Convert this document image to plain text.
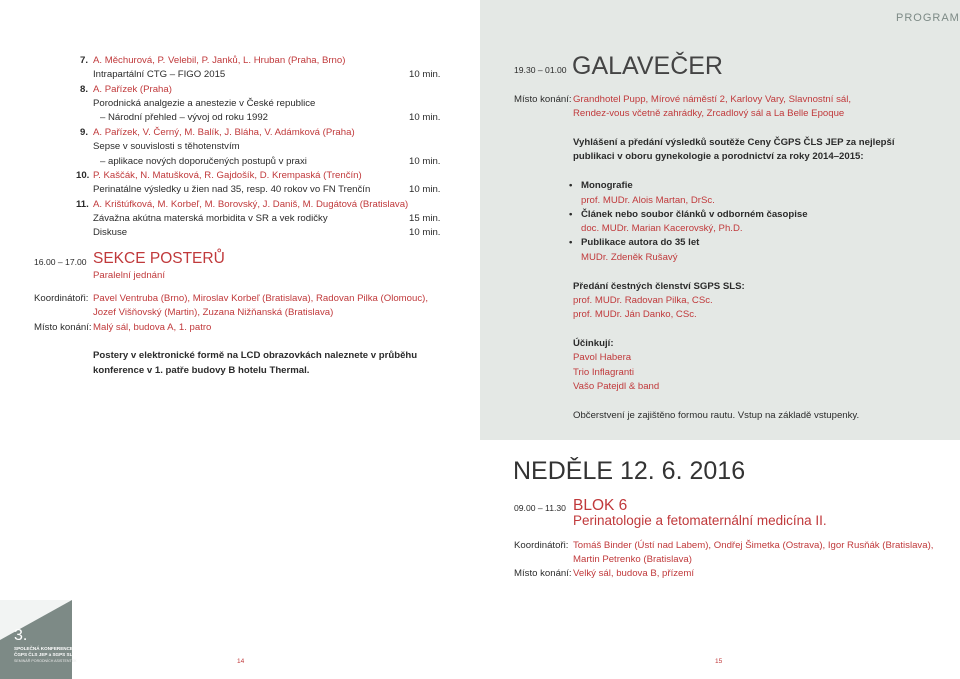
PROGRAM
7. A. Měchurová, P. Velebil, P. Janků, L. Hruban (Praha, Brno)
Intrapartální CTG – FIGO 2015	10 min.
8. A. Pařízek (Praha)
Porodnická analgezie a anestezie v České republice
– Národní přehled – vývoj od roku 1992	10 min.
9. A. Pařízek, V. Černý, M. Balík, J. Bláha, V. Adámková (Praha)
Sepse v souvislosti s těhotenstvím
– aplikace nových doporučených postupů v praxi	10 min.
10. P. Kaščák, N. Matušková, R. Gajdošík, D. Krempaská (Trenčín)
Perinatálne výsledky u žien nad 35, resp. 40 rokov vo FN Trenčín	10 min.
11. A. Krištúfková, M. Korbeľ, M. Borovský, J. Daniš, M. Dugátová (Bratislava)
Závažna akútna materská morbidita v SR a vek rodičky	15 min.
Diskuse	10 min.
16.00 – 17.00 SEKCE POSTERŮ
Paralelní jednání
Koordinátoři: Pavel Ventruba (Brno), Miroslav Korbeľ (Bratislava), Radovan Pilka (Olomouc),
Jozef Višňovský (Martin), Zuzana Nižňanská (Bratislava)
Místo konání: Malý sál, budova A, 1. patro
Postery v elektronické formě na LCD obrazovkách naleznete v průběhu
konference v 1. patře budovy B hotelu Thermal.
14
3.
SPOLEČNÁ KONFERENCE
ČGPS ČLS JEP a SGPS SLS
SEMINÁŘ PORODNÍCH ASISTENTEK
19.30 – 01.00 GALAVEČER
Místo konání: Grandhotel Pupp, Mírové náměstí 2, Karlovy Vary, Slavnostní sál,
Rendez-vous včetně zahrádky, Zrcadlový sál a La Belle Epoque
Vyhlášení a předání výsledků soutěže Ceny ČGPS ČLS JEP za nejlepší
publikaci v oboru gynekologie a porodnictví za roky 2014–2015:
• Monografie
prof. MUDr. Alois Martan, DrSc.
• Článek nebo soubor článků v odborném časopise
doc. MUDr. Marian Kacerovský, Ph.D.
• Publikace autora do 35 let
MUDr. Zdeněk Rušavý
Předání čestných členství SGPS SLS:
prof. MUDr. Radovan Pilka, CSc.
prof. MUDr. Ján Danko, CSc.
Účinkují:
Pavol Habera
Trio Inflagranti
Vašo Patejdl & band
Občerstvení je zajištěno formou rautu. Vstup na základě vstupenky.
NEDĚLE 12. 6. 2016
09.00 – 11.30 BLOK 6
Perinatologie a fetomaternální medicína II.
Koordinátoři: Tomáš Binder (Ústí nad Labem), Ondřej Šimetka (Ostrava), Igor Rusňák (Bratislava),
Martin Petrenko (Bratislava)
Místo konání: Velký sál, budova B, přízemí
15
